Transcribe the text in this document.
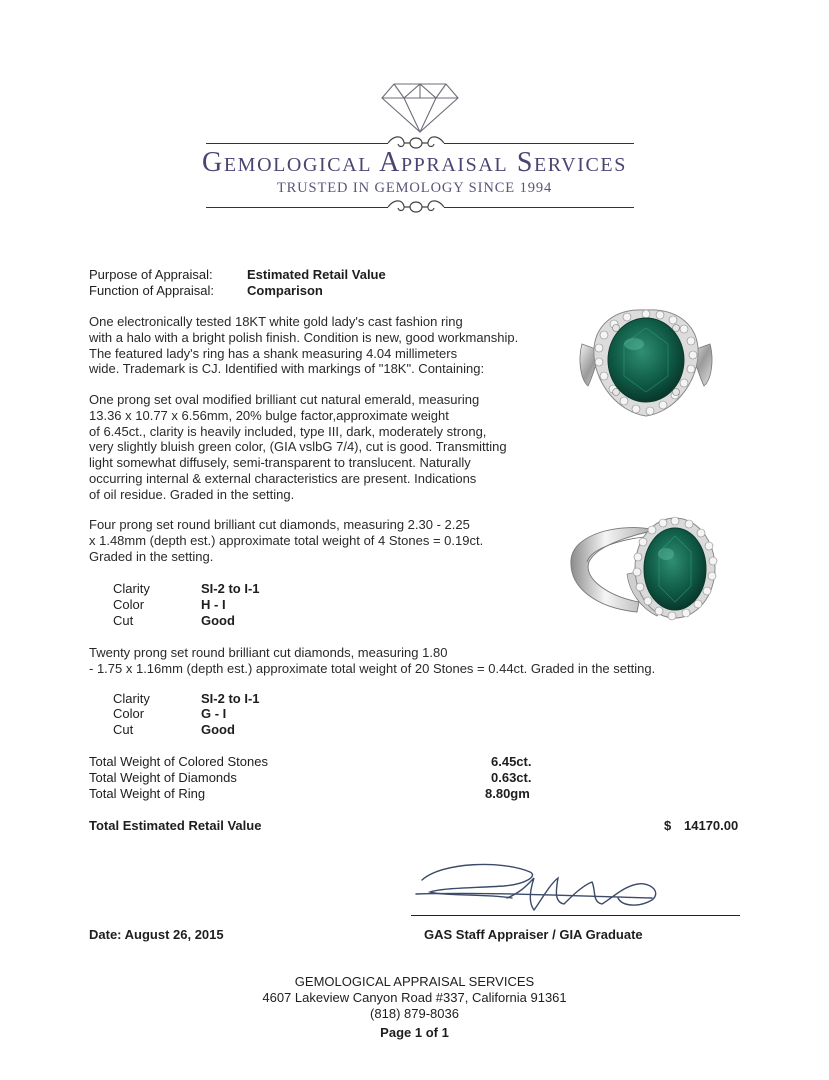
Gemological Appraisal Services
TRUSTED IN GEMOLOGY SINCE 1994
Purpose of Appraisal:	Estimated Retail Value
Function of Appraisal:	Comparison
One electronically tested 18KT white gold lady's cast fashion ring
with a halo with a bright polish finish. Condition is new, good workmanship.
The featured lady's ring has a shank measuring 4.04 millimeters
wide. Trademark is CJ. Identified with markings of "18K". Containing:
One prong set oval modified brilliant cut natural emerald, measuring
13.36 x 10.77 x 6.56mm, 20% bulge factor,approximate weight
of 6.45ct., clarity is heavily included, type III, dark, moderately strong,
very slightly bluish green color, (GIA vslbG 7/4), cut is good. Transmitting
light somewhat diffusely, semi-transparent to translucent. Naturally
occurring internal & external characteristics are present. Indications
of oil residue. Graded in the setting.
Four prong set round brilliant cut diamonds, measuring 2.30 - 2.25
x 1.48mm (depth est.) approximate total weight of 4 Stones = 0.19ct.
Graded in the setting.
Clarity	SI-2 to I-1
Color	H - I
Cut	Good
Twenty prong set round brilliant cut diamonds, measuring 1.80
- 1.75 x 1.16mm (depth est.) approximate total weight of 20 Stones = 0.44ct. Graded in the setting.
Clarity	SI-2 to I-1
Color	G - I
Cut	Good
Total Weight of Colored Stones	6.45ct.
Total Weight of Diamonds	0.63ct.
Total Weight of Ring	8.80gm
Total Estimated Retail Value	$ 14170.00
Date: August 26, 2015	GAS Staff Appraiser / GIA Graduate
GEMOLOGICAL APPRAISAL SERVICES
4607 Lakeview Canyon Road #337, California 91361
(818) 879-8036
Page 1 of 1
